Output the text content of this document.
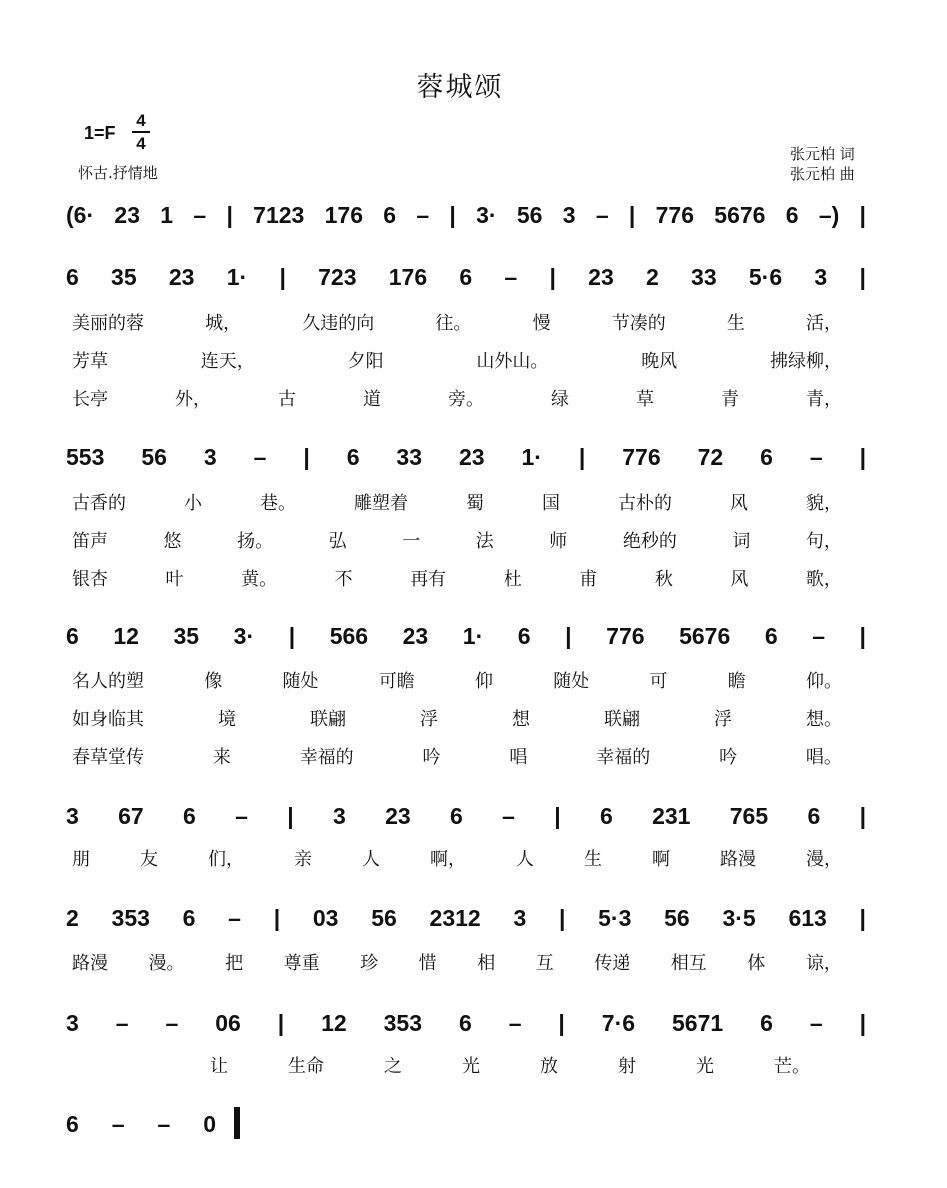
蓉城颂
1=F
4
4
怀古.抒情地
张元柏 词
张元柏 曲
(6· 23 1 – | 7123 176 6 – | 3· 56 3 – | 776 5676 6 –) |
6 35 23 1· | 723 176 6 – | 23 2 33 5·6 3 |
美丽的蓉	城，	久违的向	往。	慢	节凑的	生	活，
芳草	连天，	夕阳	山外山。	晚风	拂绿柳，
长亭	外，	古	道	旁。	绿	草	青	青，
553 56 3 – | 6 33 23 1· | 776 72 6 – |
古香的	小	巷。	雕塑着	蜀	国	古朴的	风	貌，
笛声	悠	扬。	弘	一	法	师	绝秒的	词	句，
银杏	叶	黄。	不	再有	杜	甫	秋	风	歌，
6 12 35 3· | 566 23 1· 6 | 776 5676 6 – |
名人的塑	像	随处	可瞻	仰	随处	可	瞻	仰。
如身临其	境	联翩	浮	想	联翩	浮	想。
春草堂传	来	幸福的	吟	唱	幸福的	吟	唱。
3 67 6 – | 3 23 6 – | 6 231 765 6 |
朋	友	们，	亲	人	啊，	人	生	啊	路漫	漫，
2 353 6 – | 03 56 2312 3 | 5·3 56 3·5 613 |
路漫 漫。 把 尊重 珍 惜 相 互 传递 相互 体 谅，
3 – – 06 | 12 353 6 – | 7·6 5671 6 – |
让	生命	之	光	放	射	光	芒。
6 – – 0
